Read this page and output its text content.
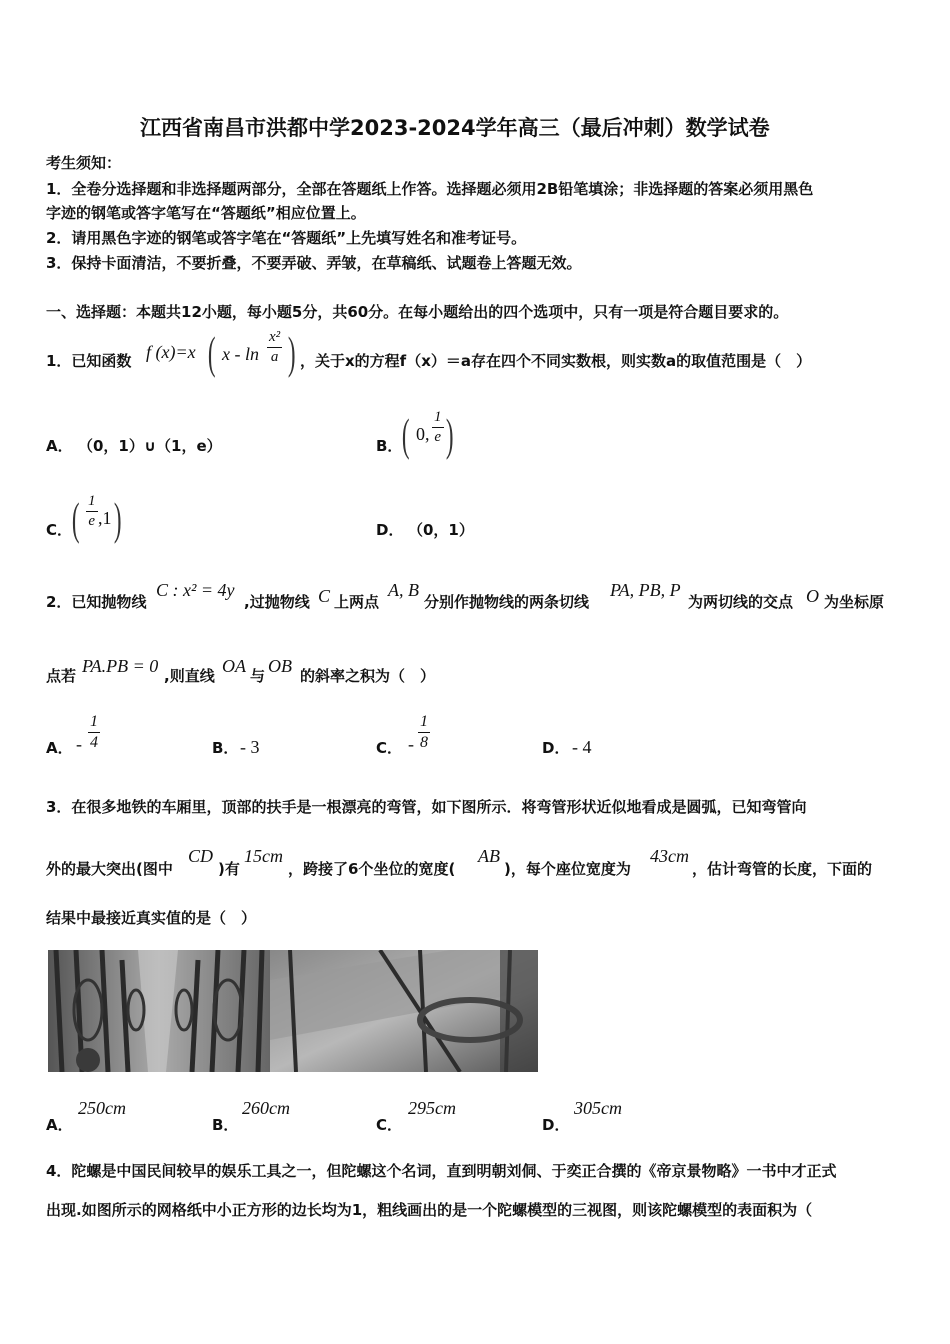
江西省南昌市洪都中学2023-2024学年高三（最后冲刺）数学试卷
考生须知：
1．全卷分选择题和非选择题两部分，全部在答题纸上作答。选择题必须用2B铅笔填涂；非选择题的答案必须用黑色
字迹的钢笔或答字笔写在“答题纸”相应位置上。
2．请用黑色字迹的钢笔或答字笔在“答题纸”上先填写姓名和准考证号。
3．保持卡面清洁，不要折叠，不要弄破、弄皱，在草稿纸、试题卷上答题无效。
一、选择题：本题共12小题，每小题5分，共60分。在每小题给出的四个选项中，只有一项是符合题目要求的。
1．已知函数 f (x)=x ( x - $\ln \frac{\text{x²}}{a}$ ) ，关于x的方程f（x）＝a存在四个不同实数根，则实数a的取值范围是（　）
A． （0，1）∪（1，e）	B． ( 0, $\frac{1}{e}$ )
C． ( $\frac{1}{e} ,1$ )	D． （0，1）
2．已知抛物线
C : x² = 4y
,过抛物线 C 上两点
A, B
分别作抛物线的两条切线
PA, PB, P
为两切线的交点 O 为坐标原
点若 PA.PB = 0 ,则直线 OA 与 OB 的斜率之积为（　）
A． - $\frac{1}{4}$	B． - 3	C． - $\frac{1}{8}$	D． - 4
3．在很多地铁的车厢里，顶部的扶手是一根漂亮的弯管，如下图所示．将弯管形状近似地看成是圆弧，已知弯管向
外的最大突出(图中
CD
)有
15cm
，跨接了6个坐位的宽度(
AB
)，每个座位宽度为
43cm
，估计弯管的长度，下面的
结果中最接近真实值的是（　）
A．
250cm
B．
260cm
C．
295cm
D．
305cm
4．陀螺是中国民间较早的娱乐工具之一，但陀螺这个名词，直到明朝刘侗、于奕正合撰的《帝京景物略》一书中才正式
出现.如图所示的网格纸中小正方形的边长均为1，粗线画出的是一个陀螺模型的三视图，则该陀螺模型的表面积为（
